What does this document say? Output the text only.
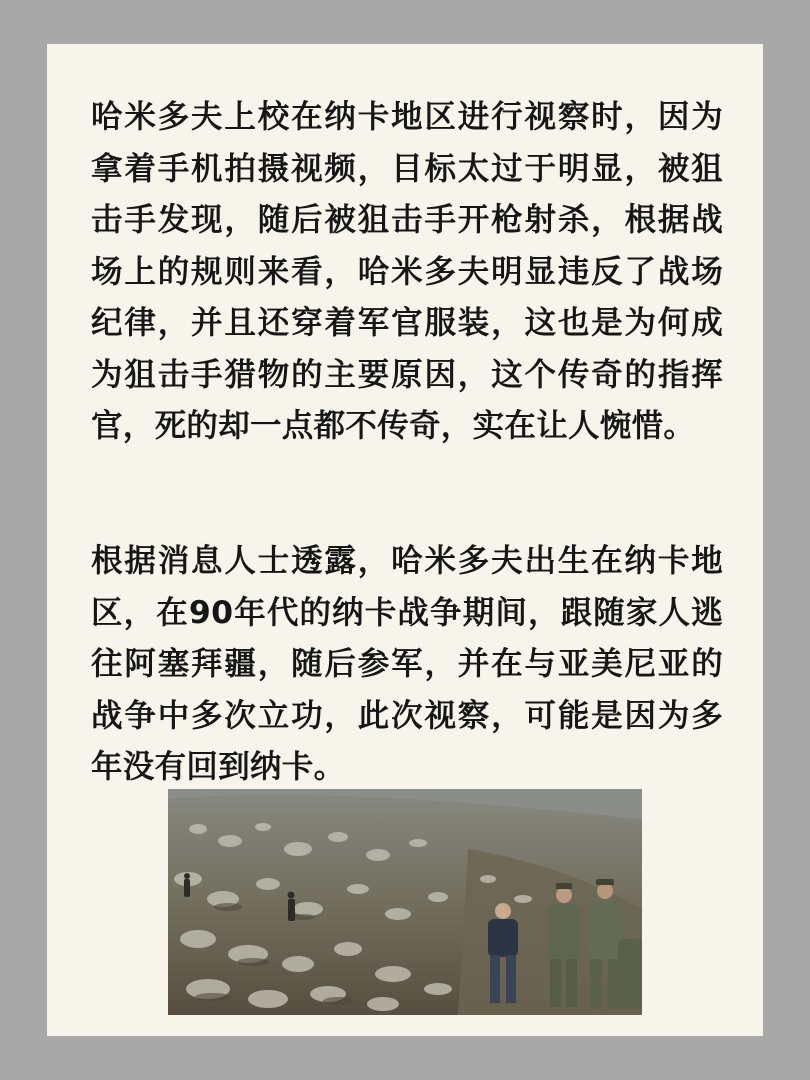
哈米多夫上校在纳卡地区进行视察时，因为拿着手机拍摄视频，目标太过于明显，被狙击手发现，随后被狙击手开枪射杀，根据战场上的规则来看，哈米多夫明显违反了战场纪律，并且还穿着军官服装，这也是为何成为狙击手猎物的主要原因，这个传奇的指挥官，死的却一点都不传奇，实在让人惋惜。

根据消息人士透露，哈米多夫出生在纳卡地区，在90年代的纳卡战争期间，跟随家人逃往阿塞拜疆，随后参军，并在与亚美尼亚的战争中多次立功，此次视察，可能是因为多年没有回到纳卡。
